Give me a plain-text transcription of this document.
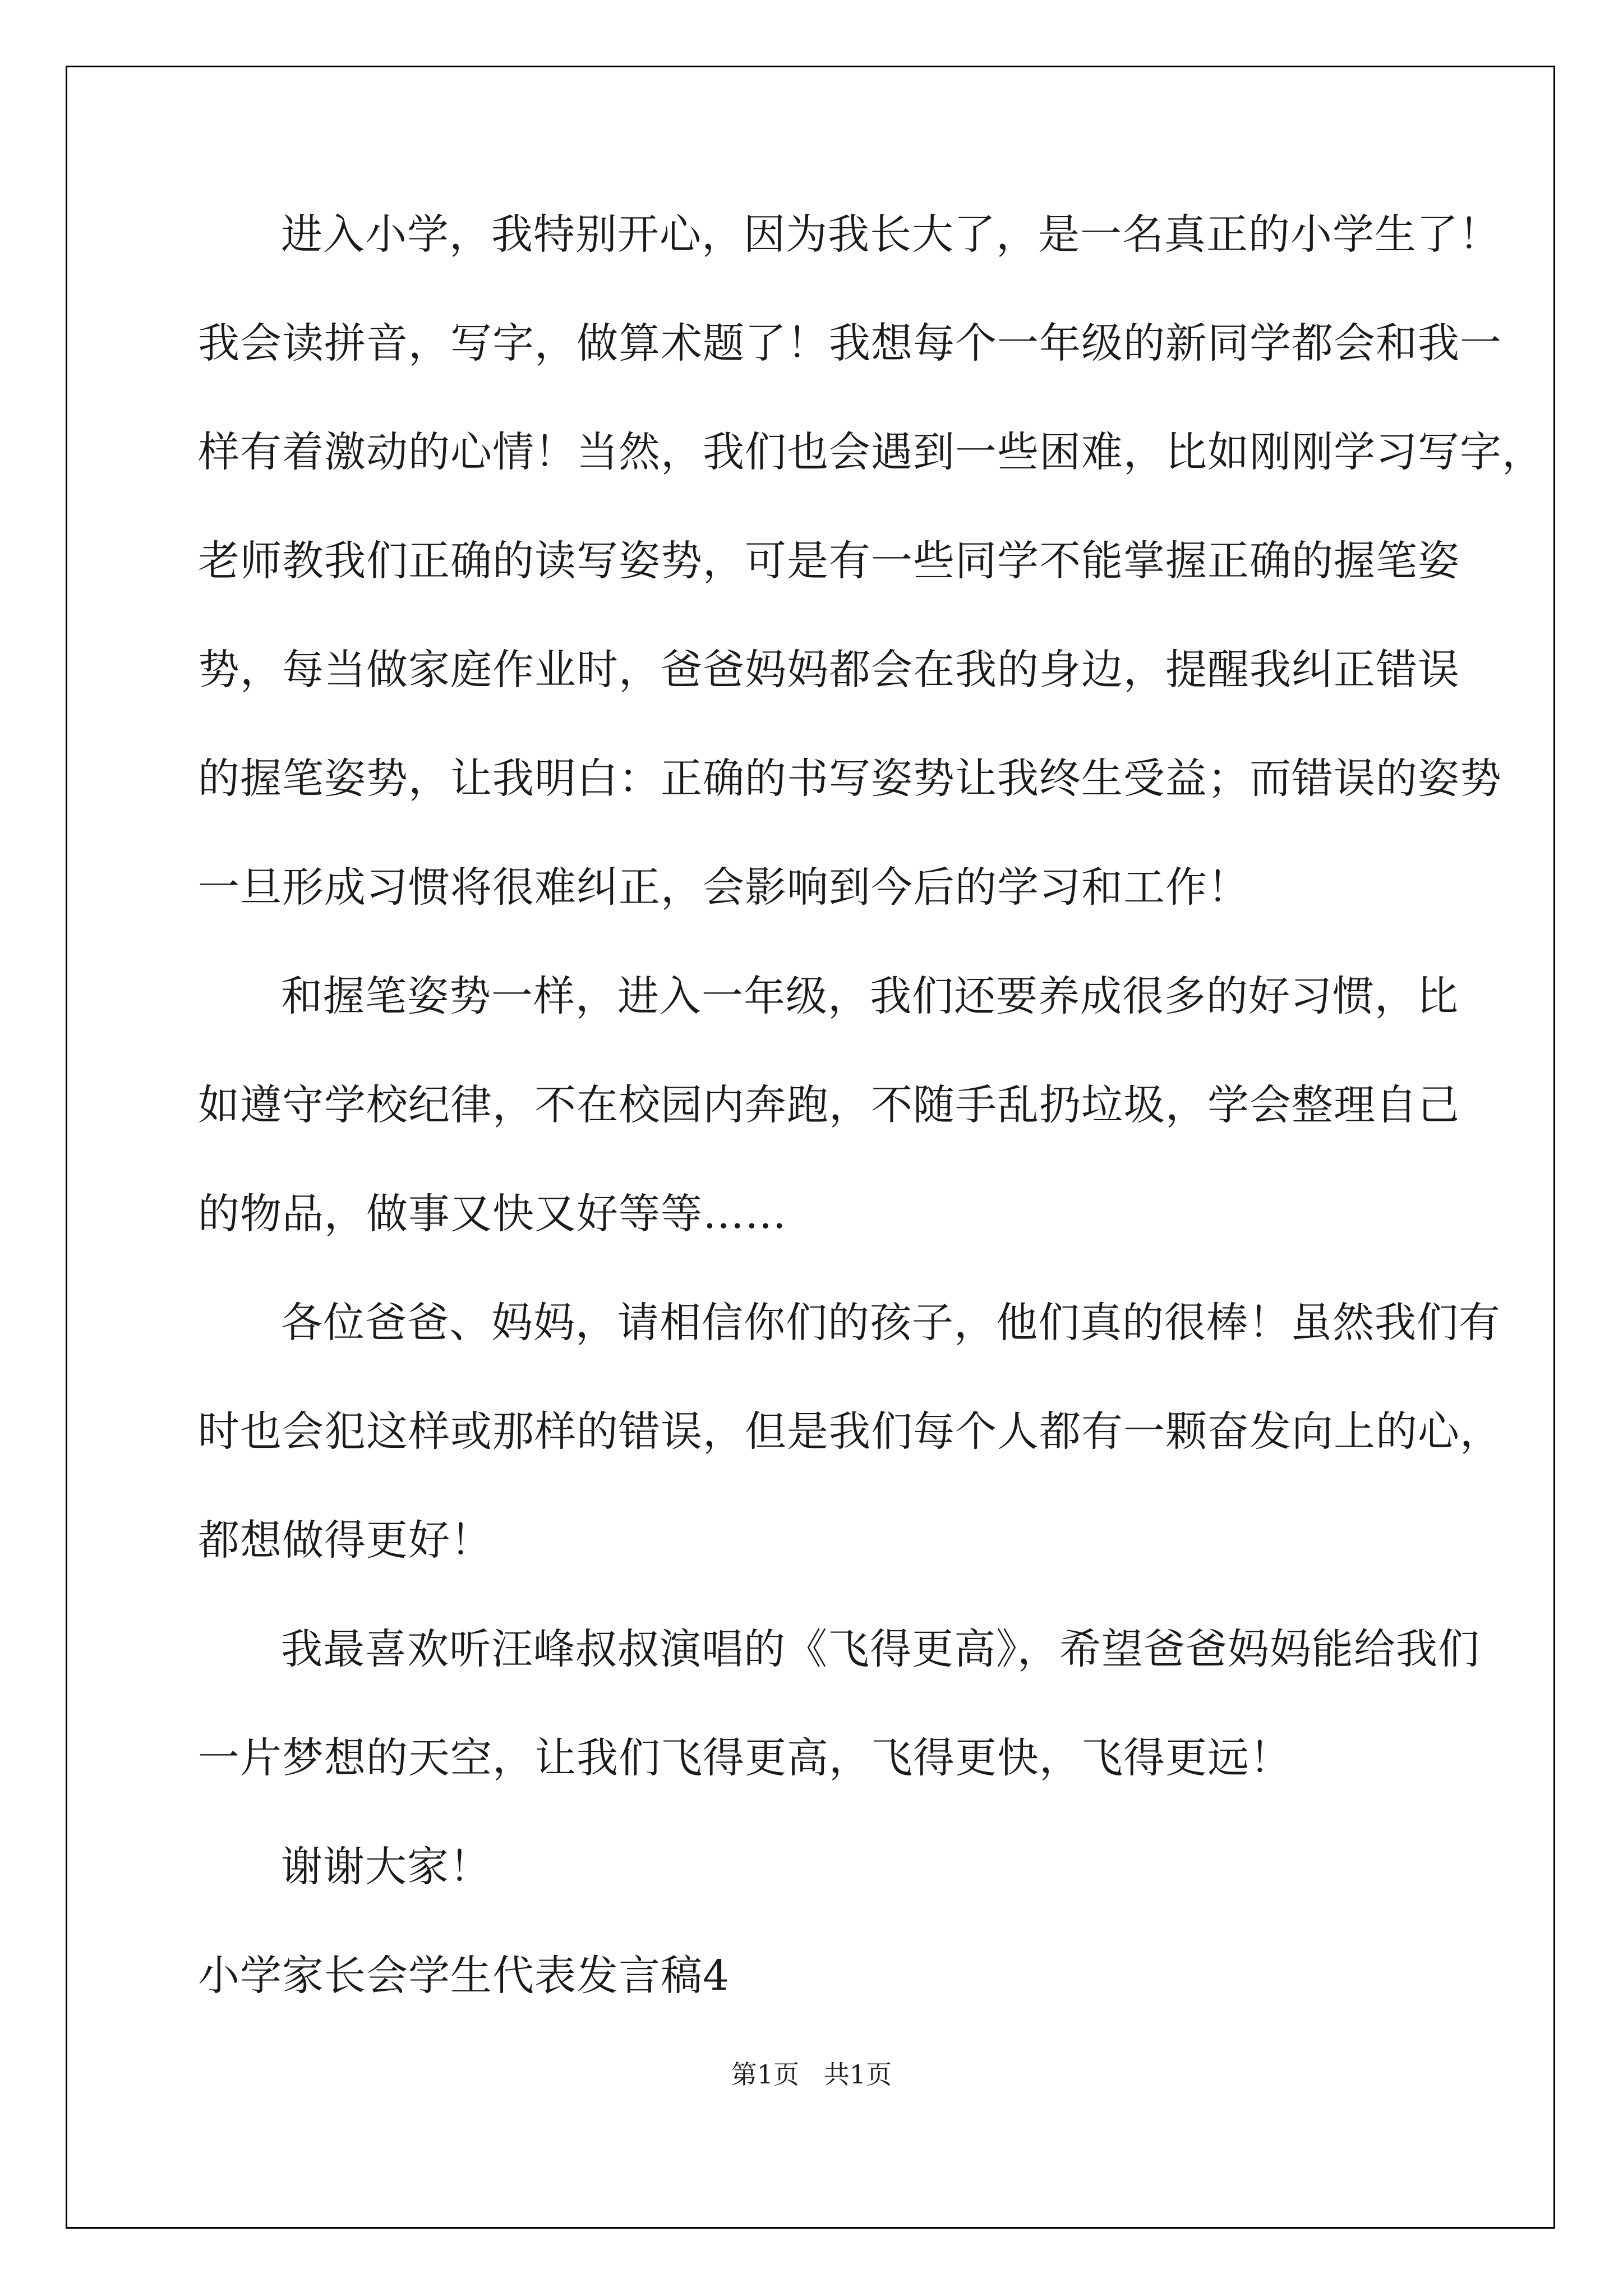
进入小学，我特别开心，因为我长大了，是一名真正的小学生了！
我会读拼音，写字，做算术题了！我想每个一年级的新同学都会和我一
样有着激动的心情！当然，我们也会遇到一些困难，比如刚刚学习写字，
老师教我们正确的读写姿势，可是有一些同学不能掌握正确的握笔姿
势，每当做家庭作业时，爸爸妈妈都会在我的身边，提醒我纠正错误
的握笔姿势，让我明白：正确的书写姿势让我终生受益；而错误的姿势
一旦形成习惯将很难纠正，会影响到今后的学习和工作！
和握笔姿势一样，进入一年级，我们还要养成很多的好习惯，比
如遵守学校纪律，不在校园内奔跑，不随手乱扔垃圾，学会整理自己
的物品，做事又快又好等等……
各位爸爸、妈妈，请相信你们的孩子，他们真的很棒！虽然我们有
时也会犯这样或那样的错误，但是我们每个人都有一颗奋发向上的心，
都想做得更好！
我最喜欢听汪峰叔叔演唱的《飞得更高》，希望爸爸妈妈能给我们
一片梦想的天空，让我们飞得更高，飞得更快，飞得更远！
谢谢大家！
小学家长会学生代表发言稿4
第1页   共1页
